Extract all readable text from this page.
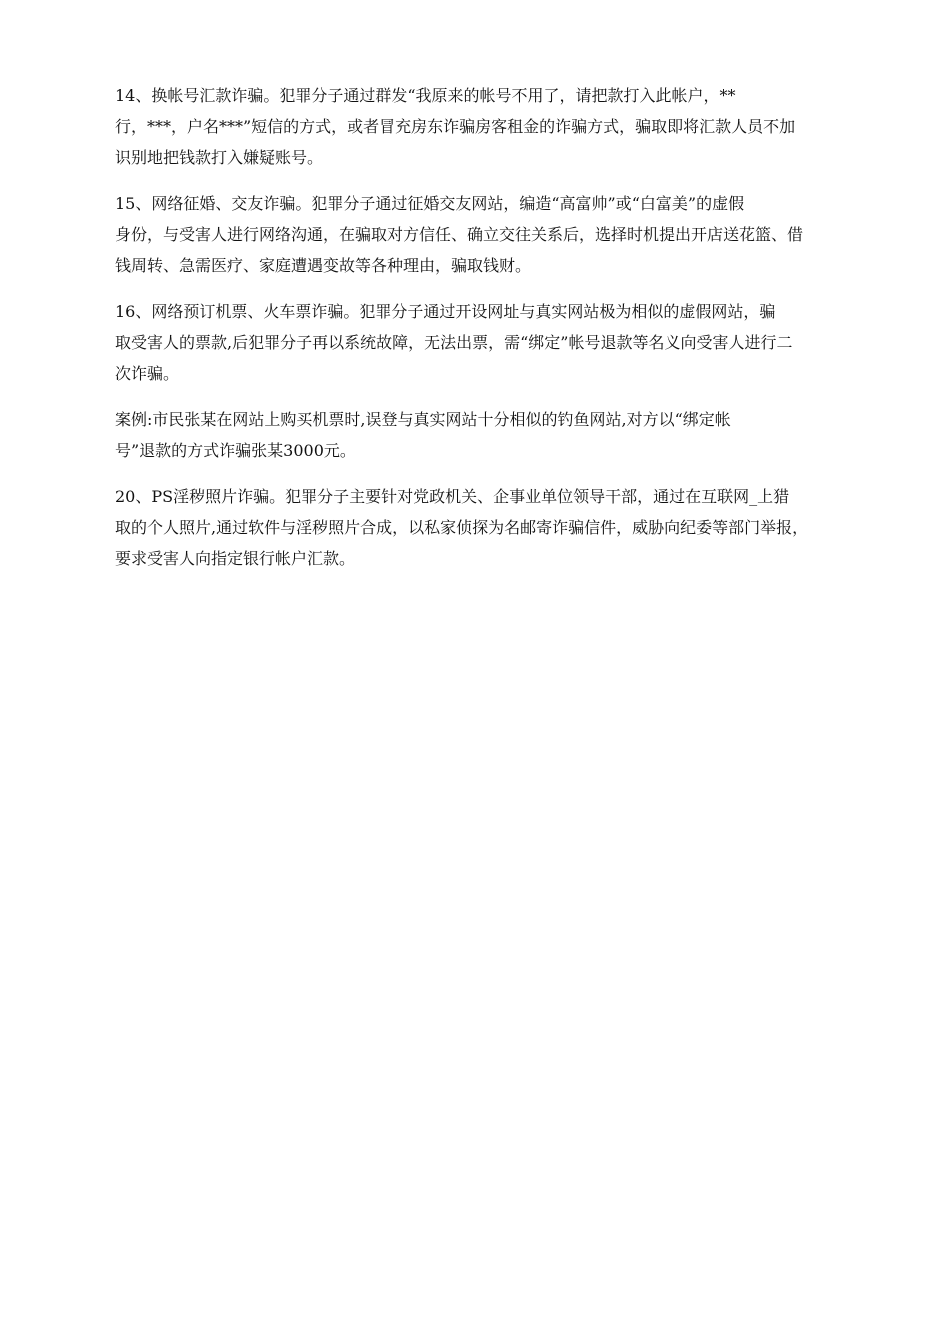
14、换帐号汇款诈骗。犯罪分子通过群发“我原来的帐号不用了，请把款打入此帐户，**
行，***，户名***”短信的方式，或者冒充房东诈骗房客租金的诈骗方式，骗取即将汇款人员不加
识别地把钱款打入嫌疑账号。

15、网络征婚、交友诈骗。犯罪分子通过征婚交友网站，编造“高富帅”或“白富美”的虚假
身份，与受害人进行网络沟通，在骗取对方信任、确立交往关系后，选择时机提出开店送花篮、借
钱周转、急需医疗、家庭遭遇变故等各种理由，骗取钱财。

16、网络预订机票、火车票诈骗。犯罪分子通过开设网址与真实网站极为相似的虚假网站，骗
取受害人的票款,后犯罪分子再以系统故障，无法出票，需“绑定”帐号退款等名义向受害人进行二
次诈骗。

案例:市民张某在网站上购买机票时,误登与真实网站十分相似的钓鱼网站,对方以“绑定帐
号”退款的方式诈骗张某3000元。

20、PS淫秽照片诈骗。犯罪分子主要针对党政机关、企事业单位领导干部，通过在互联网_上猎
取的个人照片,通过软件与淫秽照片合成，以私家侦探为名邮寄诈骗信件，威胁向纪委等部门举报，
要求受害人向指定银行帐户汇款。
